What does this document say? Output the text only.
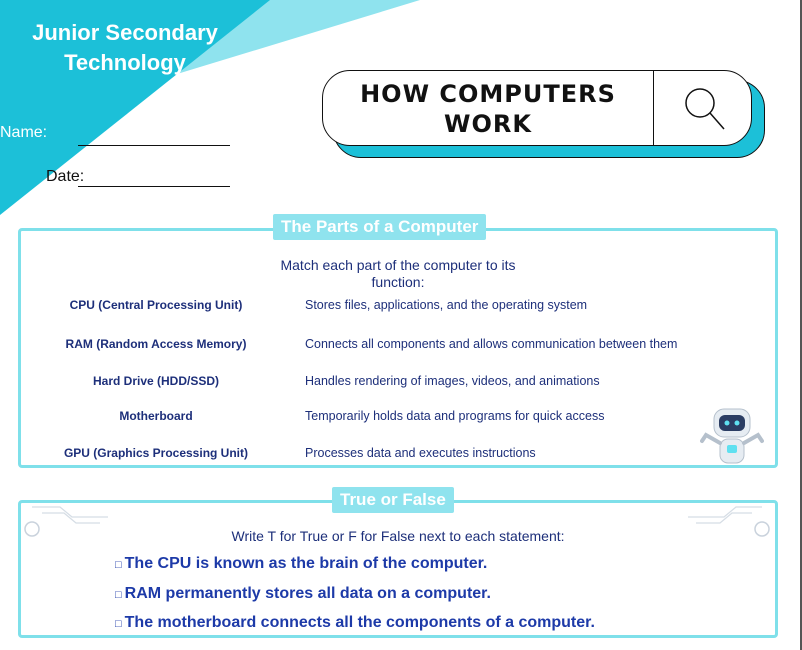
Junior Secondary
Technology
Name:
Date:
HOW COMPUTERS
WORK
Match each part of the computer to its
function:
CPU (Central Processing Unit)
RAM (Random Access Memory)
Hard Drive (HDD/SSD)
Motherboard
GPU (Graphics Processing Unit)
Stores files, applications, and the operating system
Connects all components and allows communication between them
Handles rendering of images, videos, and animations
Temporarily holds data and programs for quick access
Processes data and executes instructions
The Parts of a Computer
Write T for True or F for False next to each statement:
□ The CPU is known as the brain of the computer.
□ RAM permanently stores all data on a computer.
□ The motherboard connects all the components of a computer.
True or False
